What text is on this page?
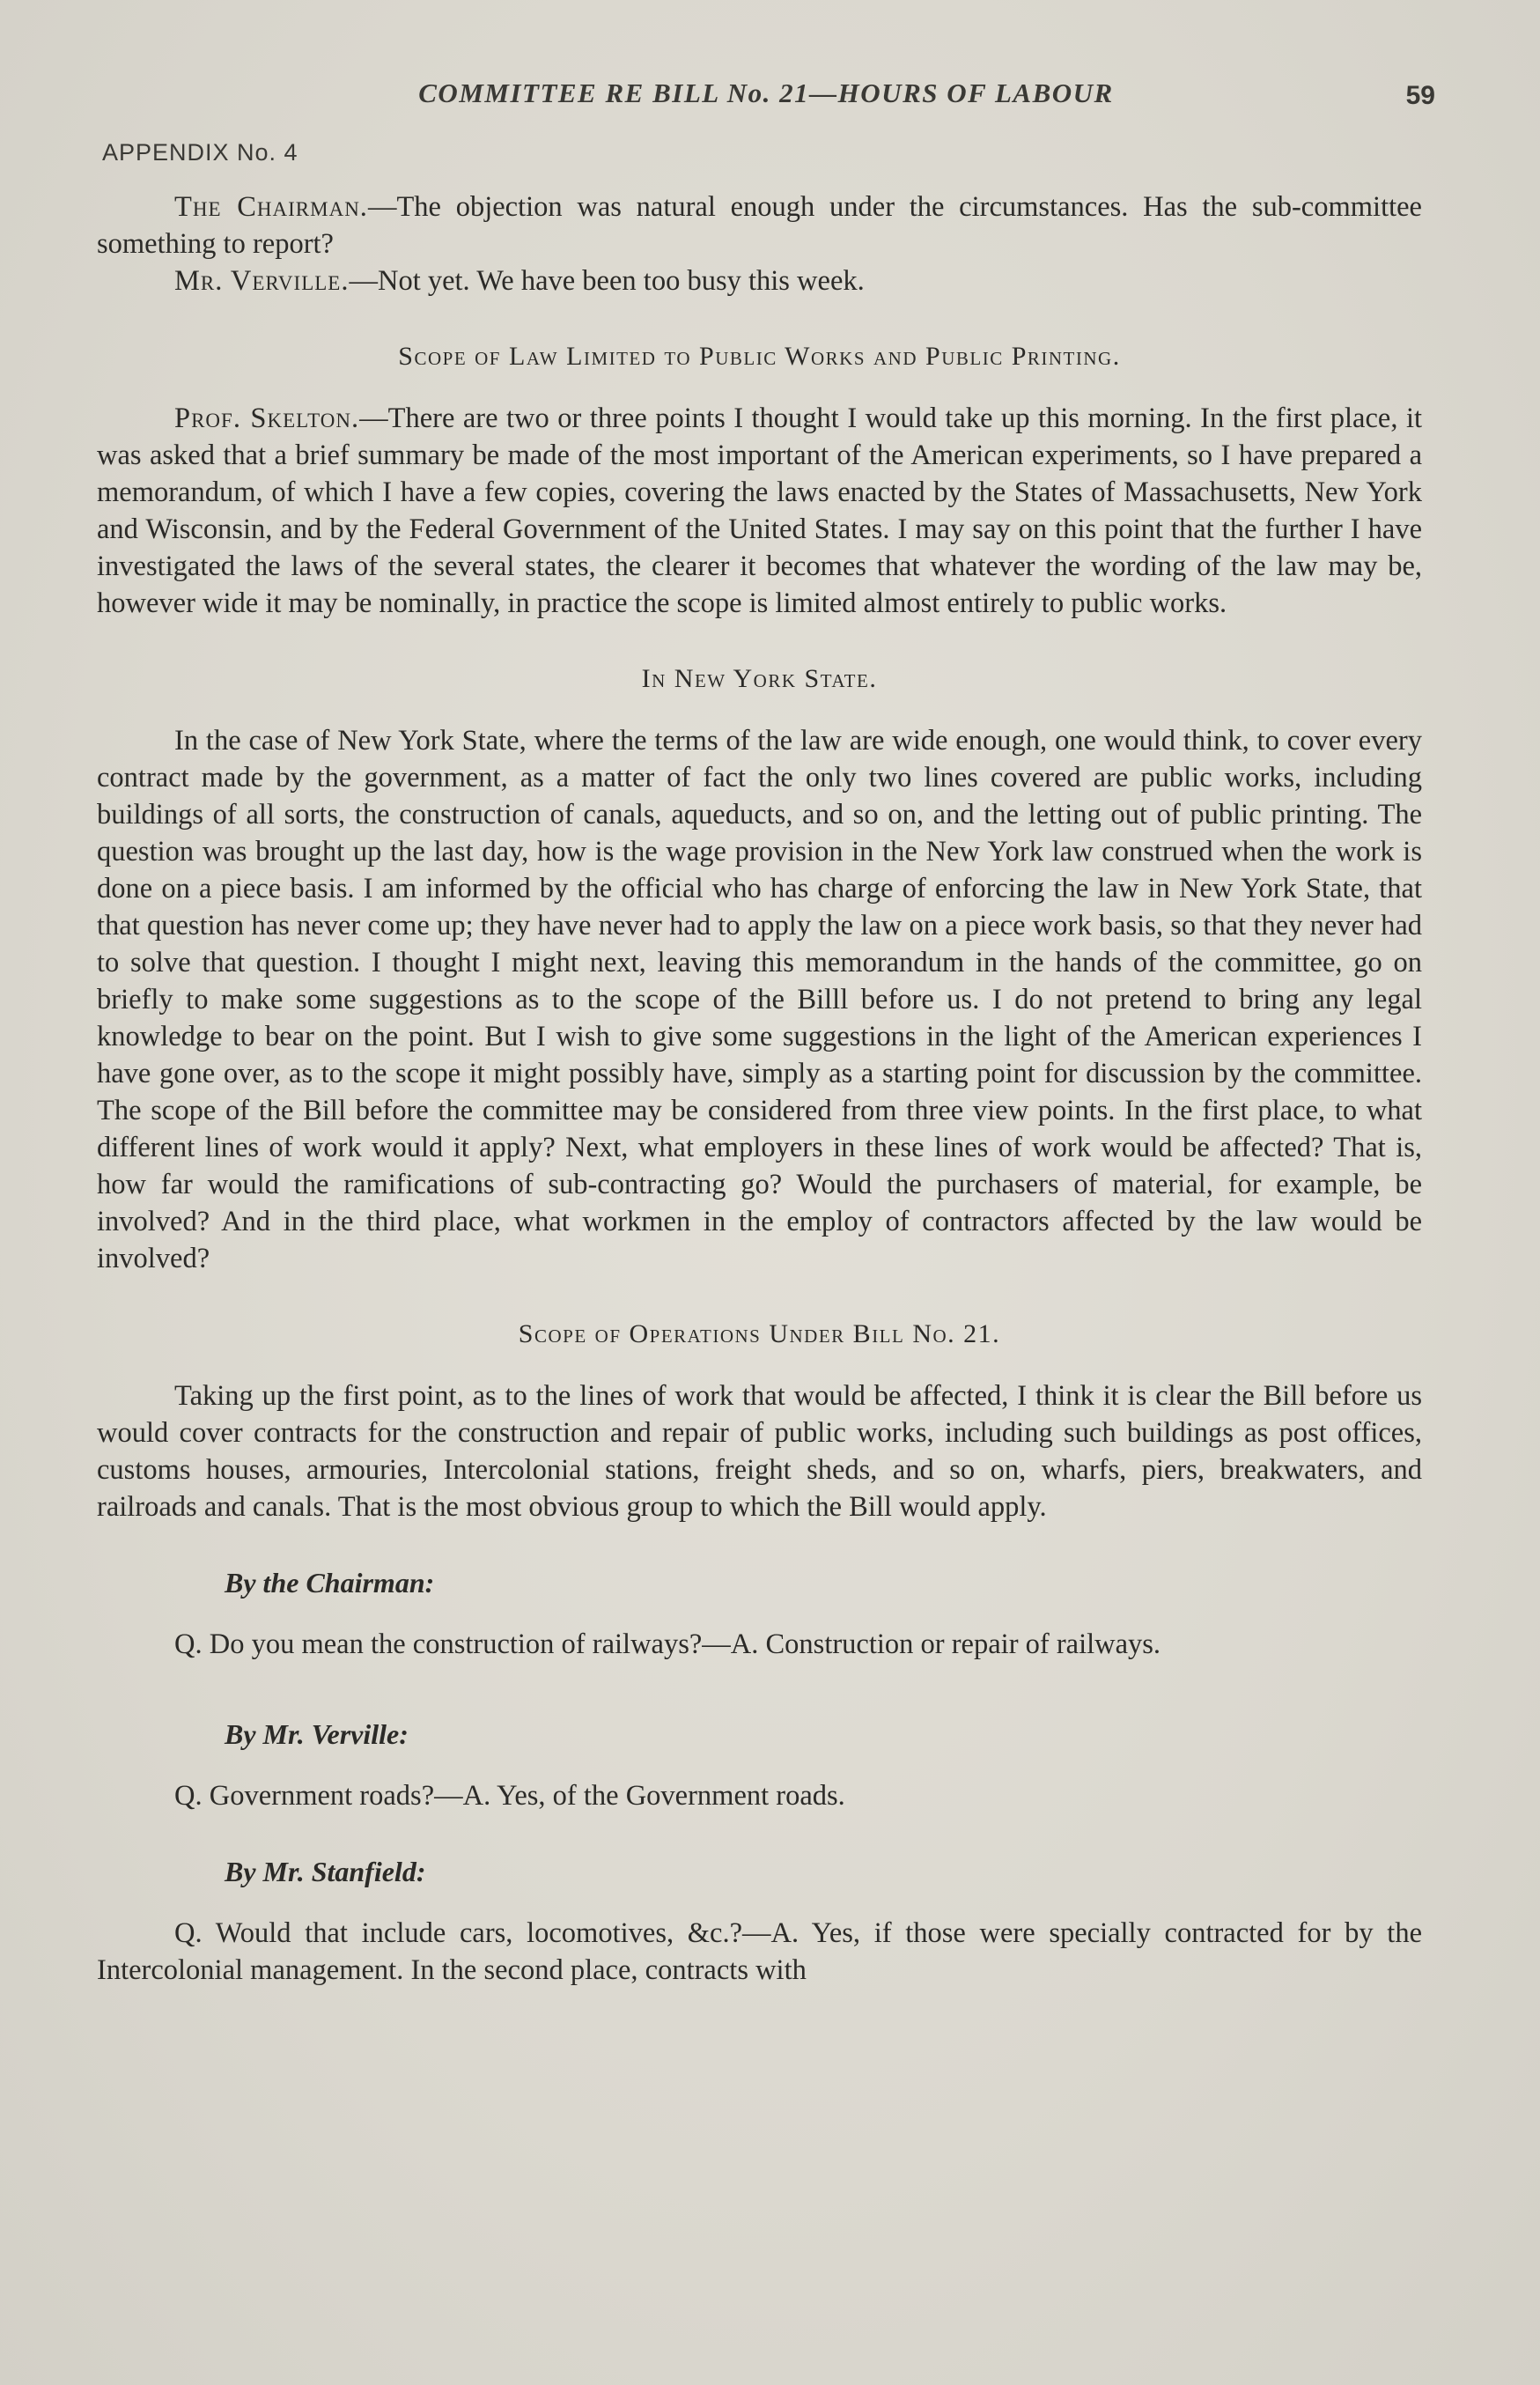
COMMITTEE RE BILL No. 21—HOURS OF LABOUR	59
APPENDIX No. 4

The Chairman.—The objection was natural enough under the circumstances. Has the sub-committee something to report?

Mr. Verville.—Not yet. We have been too busy this week.

Scope of Law Limited to Public Works and Public Printing.

Prof. Skelton.—There are two or three points I thought I would take up this morning. In the first place, it was asked that a brief summary be made of the most important of the American experiments, so I have prepared a memorandum, of which I have a few copies, covering the laws enacted by the States of Massachusetts, New York and Wisconsin, and by the Federal Government of the United States. I may say on this point that the further I have investigated the laws of the several states, the clearer it becomes that whatever the wording of the law may be, however wide it may be nominally, in practice the scope is limited almost entirely to public works.

In New York State.

In the case of New York State, where the terms of the law are wide enough, one would think, to cover every contract made by the government, as a matter of fact the only two lines covered are public works, including buildings of all sorts, the construction of canals, aqueducts, and so on, and the letting out of public printing. The question was brought up the last day, how is the wage provision in the New York law construed when the work is done on a piece basis. I am informed by the official who has charge of enforcing the law in New York State, that that question has never come up; they have never had to apply the law on a piece work basis, so that they never had to solve that question. I thought I might next, leaving this memorandum in the hands of the committee, go on briefly to make some suggestions as to the scope of the Billl before us. I do not pretend to bring any legal knowledge to bear on the point. But I wish to give some suggestions in the light of the American experiences I have gone over, as to the scope it might possibly have, simply as a starting point for discussion by the committee. The scope of the Bill before the committee may be considered from three view points. In the first place, to what different lines of work would it apply? Next, what employers in these lines of work would be affected? That is, how far would the ramifications of sub-contracting go? Would the purchasers of material, for example, be involved? And in the third place, what workmen in the employ of contractors affected by the law would be involved?

Scope of Operations Under Bill No. 21.

Taking up the first point, as to the lines of work that would be affected, I think it is clear the Bill before us would cover contracts for the construction and repair of public works, including such buildings as post offices, customs houses, armouries, Intercolonial stations, freight sheds, and so on, wharfs, piers, breakwaters, and railroads and canals. That is the most obvious group to which the Bill would apply.

By the Chairman:

Q. Do you mean the construction of railways?—A. Construction or repair of railways.

By Mr. Verville:

Q. Government roads?—A. Yes, of the Government roads.

By Mr. Stanfield:

Q. Would that include cars, locomotives, &c.?—A. Yes, if those were specially contracted for by the Intercolonial management. In the second place, contracts with
